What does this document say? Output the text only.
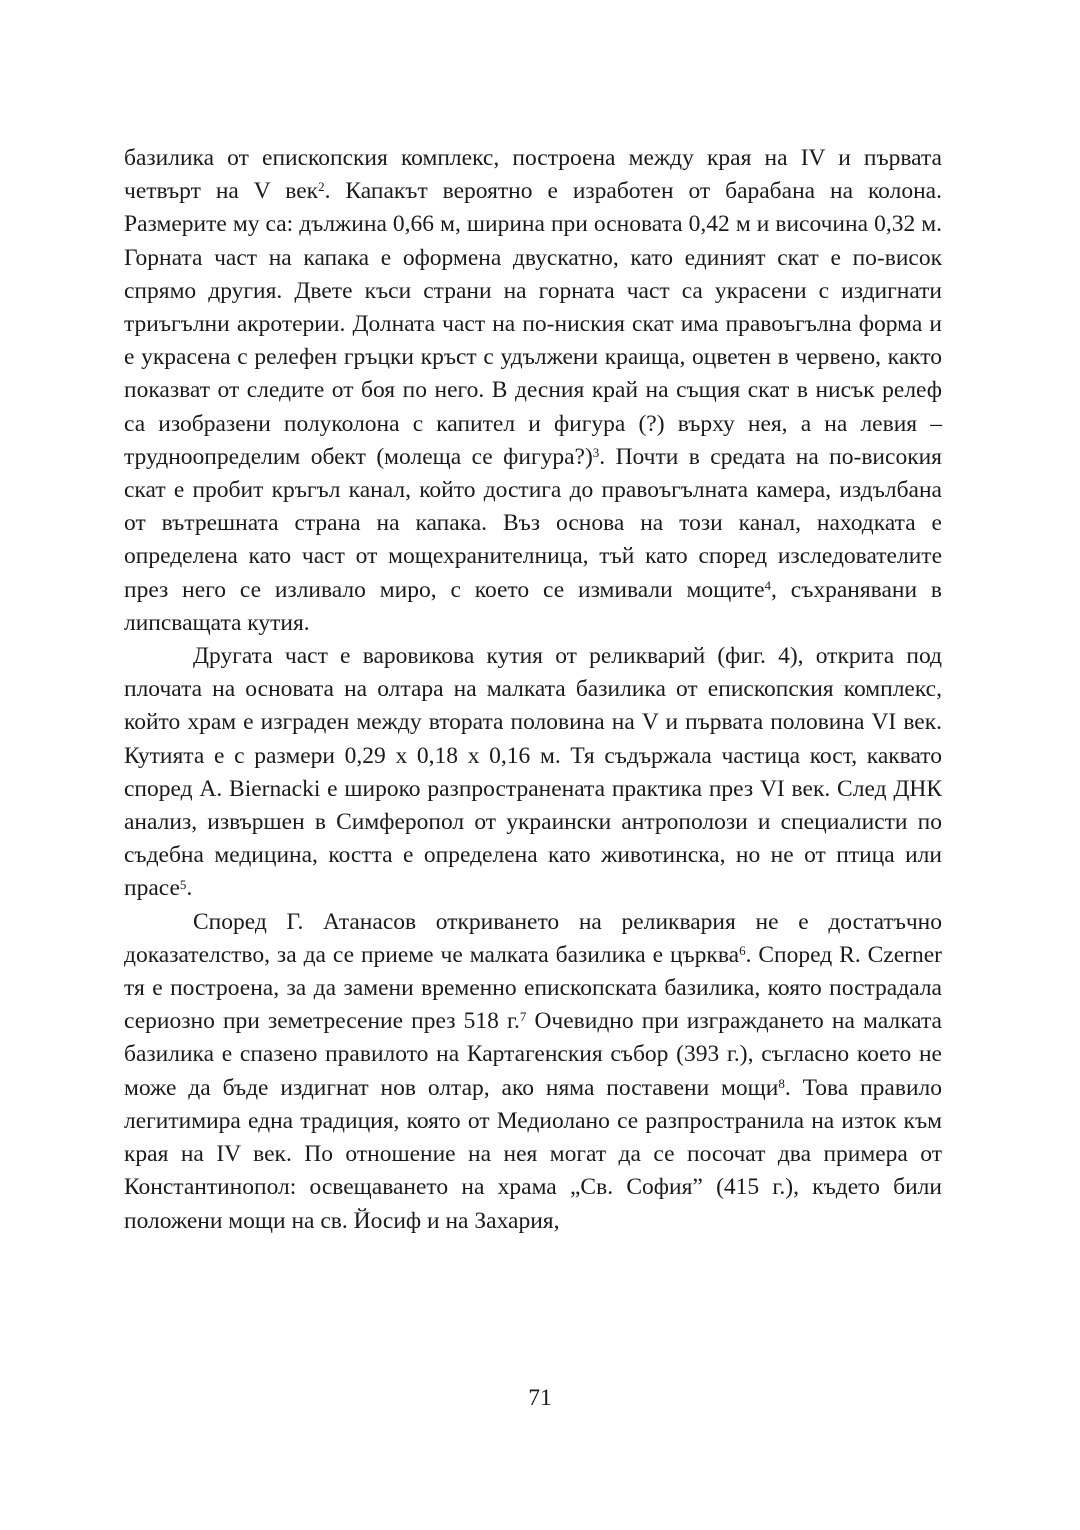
базилика от епископския комплекс, построена между края на IV и първата четвърт на V век$^2$. Капакът вероятно е изработен от барабана на колона. Размерите му са: дължина 0,66 м, ширина при основата 0,42 м и височина 0,32 м. Горната част на капака е оформена двускатно, като единият скат е по-висок спрямо другия. Двете къси страни на горната част са украсени с издигнати триъгълни акротерии. Долната част на по-ниския скат има правоъгълна форма и е украсена с релефен гръцки кръст с удължени краища, оцветен в червено, както показват от следите от боя по него. В десния край на същия скат в нисък релеф са изобразени полуколона с капител и фигура (?) върху нея, а на левия – трудноопределим обект (молеща се фигура?)$^3$. Почти в средата на по-високия скат е пробит кръгъл канал, който достига до правоъгълната камера, издълбана от вътрешната страна на капака. Въз основа на този канал, находката е определена като част от мощехранителница, тъй като според изследователите през него се изливало миро, с което се измивали мощите$^4$, съхранявани в липсващата кутия.

Другата част е варовикова кутия от реликварий (фиг. 4), открита под плочата на основата на олтара на малката базилика от епископския комплекс, който храм е изграден между втората половина на V и първата половина VI век. Кутията е с размери 0,29 x 0,18 x 0,16 м. Тя съдържала частица кост, каквато според A. Biernacki е широко разпространената практика през VI век. След ДНК анализ, извършен в Симферопол от украински антрополози и специалисти по съдебна медицина, костта е определена като животинска, но не от птица или прасе$^5$.

Според Г. Атанасов откриването на реликвария не е достатъчно доказателство, за да се приеме че малката базилика е църква$^6$. Според R. Czerner тя е построена, за да замени временно епископската базилика, която пострадала сериозно при земетресение през 518 г.$^7$ Очевидно при изграждането на малката базилика е спазено правилото на Картагенския събор (393 г.), съгласно което не може да бъде издигнат нов олтар, ако няма поставени мощи$^8$. Това правило легитимира една традиция, която от Медиолано се разпространила на изток към края на IV век. По отношение на нея могат да се посочат два примера от Константинопол: освещаването на храма „Св. София” (415 г.), където били положени мощи на св. Йосиф и на Захария,

71
